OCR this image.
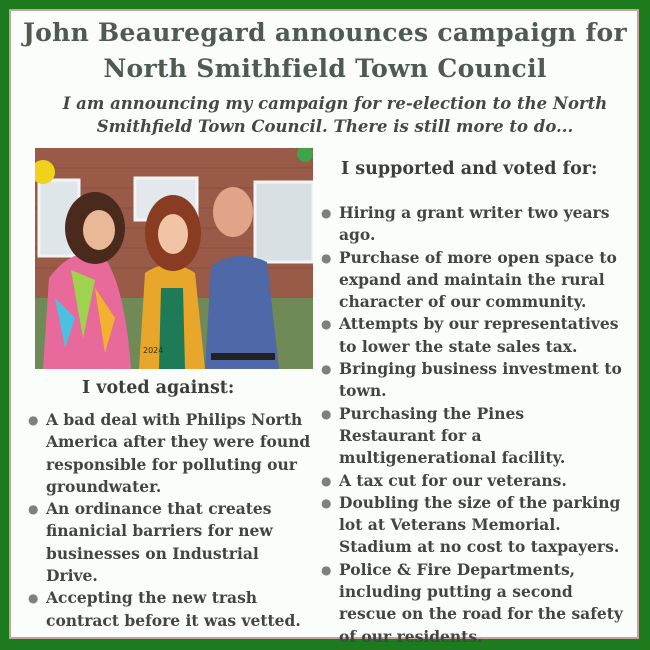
John Beauregard announces campaign for
North Smithfield Town Council
I am announcing my campaign for re-election to the North Smithfield Town Council. There is still more to do...
2024
I supported and voted for:
● Hiring a grant writer two years ago.
● Purchase of more open space to expand and maintain the rural character of our community.
● Attempts by our representatives to lower the state sales tax.
● Bringing business investment to town.
● Purchasing the Pines Restaurant for a multigenerational facility.
● A tax cut for our veterans.
● Doubling the size of the parking lot at Veterans Memorial. Stadium at no cost to taxpayers.
● Police & Fire Departments, including putting a second rescue on the road for the safety of our residents.
I voted against:
● A bad deal with Philips North America after they were found responsible for polluting our groundwater.
● An ordinance that creates finanicial barriers for new businesses on Industrial Drive.
● Accepting the new trash contract before it was vetted.
